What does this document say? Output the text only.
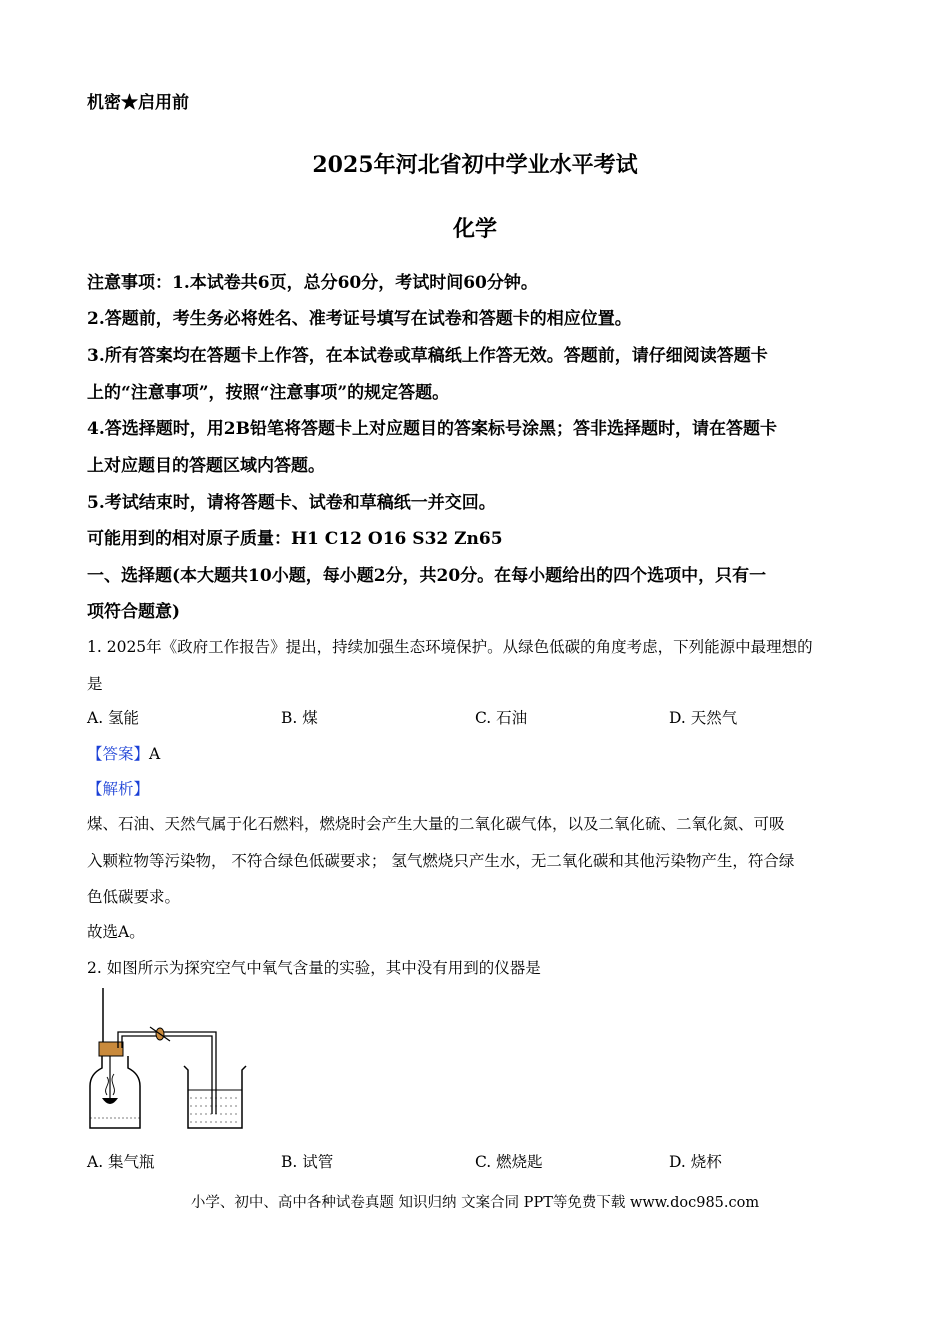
机密★启用前
2025年河北省初中学业水平考试
化学
注意事项：1.本试卷共6页，总分60分，考试时间60分钟。
2.答题前，考生务必将姓名、准考证号填写在试卷和答题卡的相应位置。
3.所有答案均在答题卡上作答，在本试卷或草稿纸上作答无效。答题前，请仔细阅读答题卡
上的“注意事项”，按照“注意事项”的规定答题。
4.答选择题时，用2B铅笔将答题卡上对应题目的答案标号涂黑；答非选择题时，请在答题卡
上对应题目的答题区域内答题。
5.考试结束时，请将答题卡、试卷和草稿纸一并交回。
可能用到的相对原子质量：H1 C12 O16 S32 Zn65
一、选择题(本大题共10小题，每小题2分，共20分。在每小题给出的四个选项中，只有一
项符合题意)
1. 2025年《政府工作报告》提出，持续加强生态环境保护。从绿色低碳的角度考虑，下列能源中最理想的
是
A. 氢能	B. 煤	C. 石油	D. 天然气
【答案】A
【解析】
煤、石油、天然气属于化石燃料，燃烧时会产生大量的二氧化碳气体，以及二氧化硫、二氧化氮、可吸
入颗粒物等污染物， 不符合绿色低碳要求； 氢气燃烧只产生水，无二氧化碳和其他污染物产生，符合绿
色低碳要求。
故选A。
2. 如图所示为探究空气中氧气含量的实验，其中没有用到的仪器是
A. 集气瓶	B. 试管	C. 燃烧匙	D. 烧杯
小学、初中、高中各种试卷真题 知识归纳 文案合同 PPT等免费下载 www.doc985.com
